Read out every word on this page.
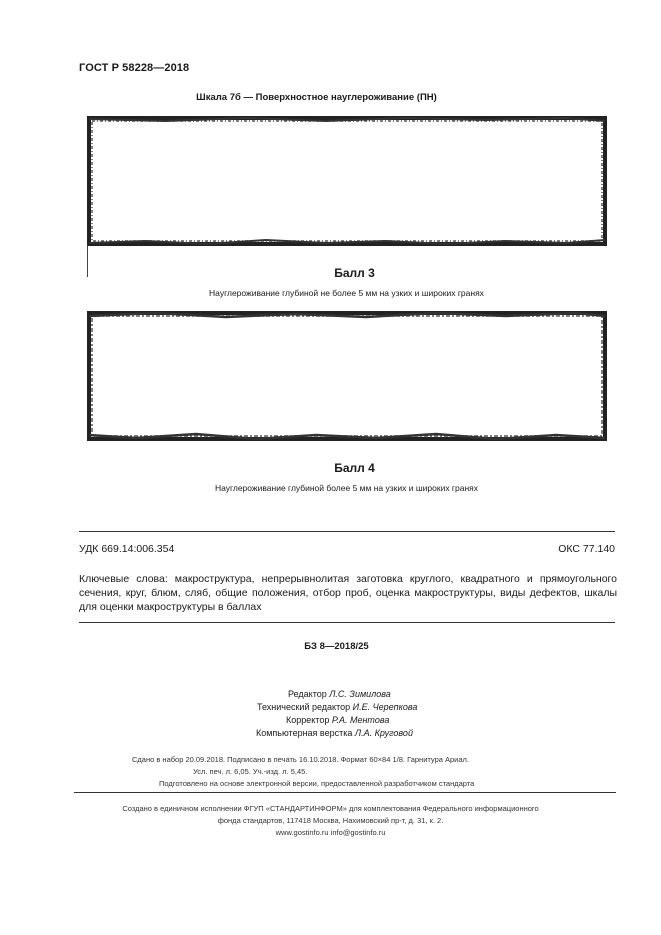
ГОСТ Р 58228—2018
Шкала 7б — Поверхностное науглероживание (ПН)
Балл 3
Науглероживание глубиной не более 5 мм на узких и широких гранях
Балл 4
Науглероживание глубиной более 5 мм на узких и широких гранях
УДК 669.14:006.354	ОКС 77.140
Ключевые слова: макроструктура, непрерывнолитая заготовка круглого, квадратного и прямоугольного сечения, круг, блюм, сляб, общие положения, отбор проб, оценка макроструктуры, виды дефектов, шкалы для оценки макроструктуры в баллах
БЗ 8—2018/25
Редактор Л.С. Зимилова
Технический редактор И.Е. Черепкова
Корректор Р.А. Ментова
Компьютерная верстка Л.А. Круговой
Сдано в набор 20.09.2018. Подписано в печать 16.10.2018. Формат 60×84 1/8. Гарнитура Ариал.
Усл. печ. л. 6,05. Уч.-изд. л. 5,45.
Подготовлено на основе электронной версии, предоставленной разработчиком стандарта
Создано в единичном исполнении ФГУП «СТАНДАРТИНФОРМ» для комплектования Федерального информационного
фонда стандартов, 117418 Москва, Нахимовский пр-т, д. 31, к. 2.
www.gostinfo.ru info@gostinfo.ru
